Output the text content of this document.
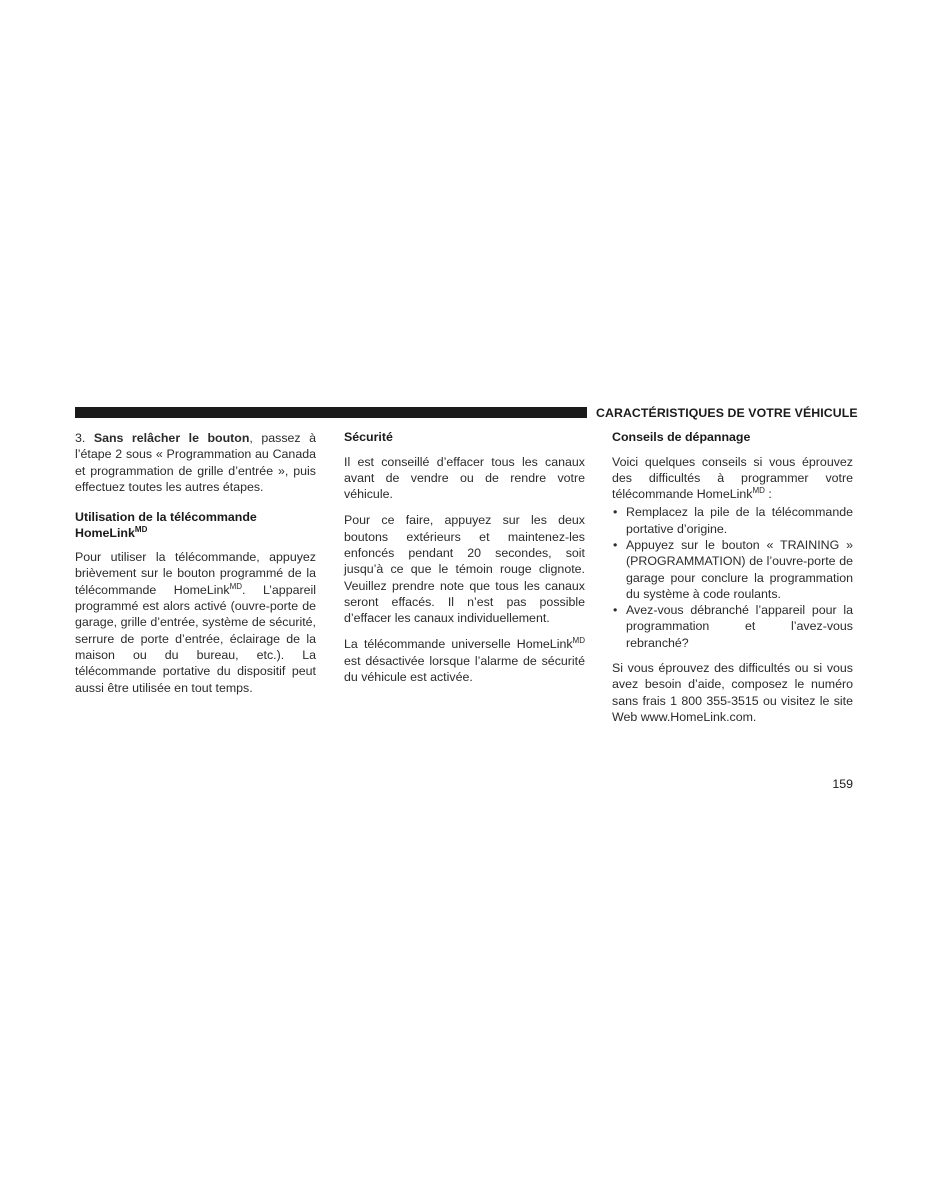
CARACTÉRISTIQUES DE VOTRE VÉHICULE

3. Sans relâcher le bouton, passez à l’étape 2 sous « Programmation au Canada et programmation de grille d’entrée », puis effectuez toutes les autres étapes.

Utilisation de la télécommande HomeLink$^{MD}$

Pour utiliser la télécommande, appuyez brièvement sur le bouton programmé de la télécommande HomeLink$^{MD}$. L’appareil programmé est alors activé (ouvre-porte de garage, grille d’entrée, système de sécurité, serrure de porte d’entrée, éclairage de la maison ou du bureau, etc.). La télécommande portative du dispositif peut aussi être utilisée en tout temps.

Sécurité

Il est conseillé d’effacer tous les canaux avant de vendre ou de rendre votre véhicule.

Pour ce faire, appuyez sur les deux boutons extérieurs et maintenez-les enfoncés pendant 20 secondes, soit jusqu’à ce que le témoin rouge clignote. Veuillez prendre note que tous les canaux seront effacés. Il n’est pas possible d’effacer les canaux individuellement.

La télécommande universelle HomeLink$^{MD}$ est désactivée lorsque l’alarme de sécurité du véhicule est activée.

Conseils de dépannage

Voici quelques conseils si vous éprouvez des difficultés à programmer votre télécommande HomeLink$^{MD}$ :

• Remplacez la pile de la télécommande portative d’origine.
• Appuyez sur le bouton « TRAINING » (PROGRAMMATION) de l’ouvre-porte de garage pour conclure la programmation du système à code roulants.
• Avez-vous débranché l’appareil pour la programmation et l’avez-vous rebranché?

Si vous éprouvez des difficultés ou si vous avez besoin d’aide, composez le numéro sans frais 1 800 355-3515 ou visitez le site Web www.HomeLink.com.

159
